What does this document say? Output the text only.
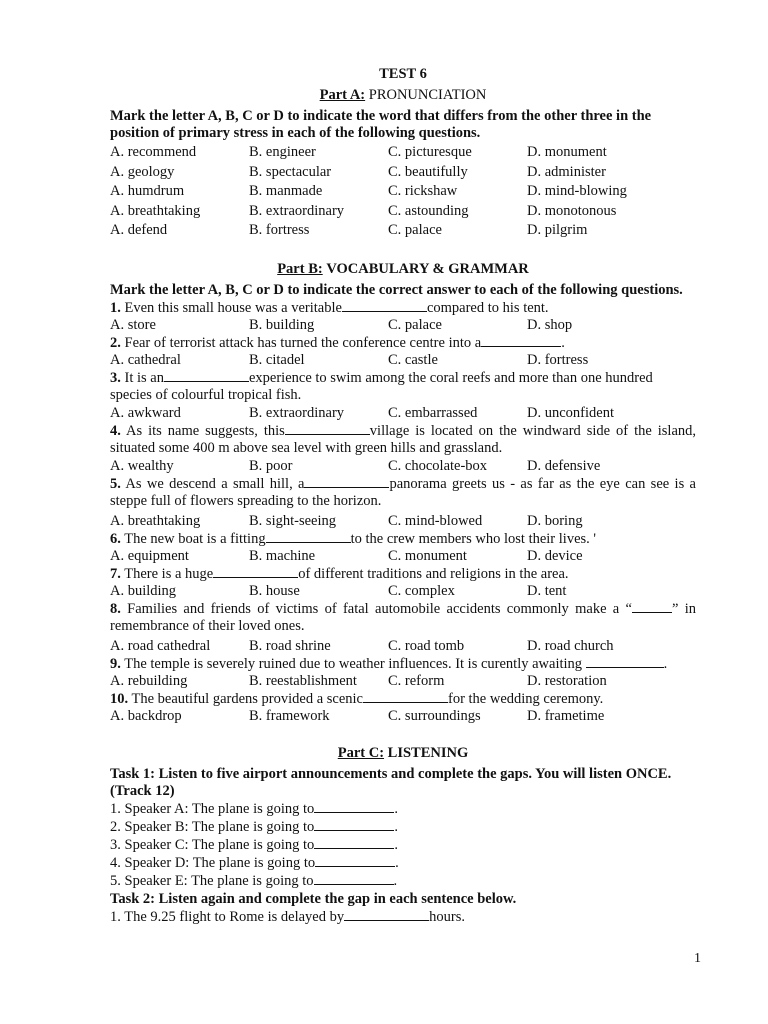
TEST 6
Part A: PRONUNCIATION
Mark the letter A, B, C or D to indicate the word that differs from the other three in the position of primary stress in each of the following questions.
A. recommend	B. engineer	C. picturesque	D. monument
A. geology	B. spectacular	C. beautifully	D. administer
A. humdrum	B. manmade	C. rickshaw	D. mind-blowing
A. breathtaking	B. extraordinary	C. astounding	D. monotonous
A. defend	B. fortress	C. palace	D. pilgrim
Part B: VOCABULARY & GRAMMAR
Mark the letter A, B, C or D to indicate the correct answer to each of the following questions.
1. Even this small house was a veritable	compared to his tent.
A. store	B. building	C. palace	D. shop
2. Fear of terrorist attack has turned the conference centre into a	.
A. cathedral	B. citadel	C. castle	D. fortress
3. It is an	experience to swim among the coral reefs and more than one hundred species of colourful tropical fish.
A. awkward	B. extraordinary	C. embarrassed	D. unconfident
4. As its name suggests, this	village is located on the windward side of the island, situated some 400 m above sea level with green hills and grassland.
A. wealthy	B. poor	C. chocolate-box	D. defensive
5. As we descend a small hill, a	panorama greets us - as far as the eye can see is a steppe full of flowers spreading to the horizon.
A. breathtaking	B. sight-seeing	C. mind-blowed	D. boring
6. The new boat is a fitting	to the crew members who lost their lives. '
A. equipment	B. machine	C. monument	D. device
7. There is a huge	of different traditions and religions in the area.
A. building	B. house	C. complex	D. tent
8. Families and friends of victims of fatal automobile accidents commonly make a “	” in remembrance of their loved ones.
A. road cathedral	B. road shrine	C. road tomb	D. road church
9. The temple is severely ruined due to weather influences. It is curently awaiting	.
A. rebuilding	B. reestablishment	C. reform	D. restoration
10. The beautiful gardens provided a scenic	for the wedding ceremony.
A. backdrop	B. framework	C. surroundings	D. frametime
Part C: LISTENING
Task 1: Listen to five airport announcements and complete the gaps. You will listen ONCE. (Track 12)
1. Speaker A: The plane is going to	.
2. Speaker B: The plane is going to	.
3. Speaker C: The plane is going to	.
4. Speaker D: The plane is going to	.
5. Speaker E: The plane is going to	.
Task 2: Listen again and complete the gap in each sentence below.
1. The 9.25 flight to Rome is delayed by	hours.
1
